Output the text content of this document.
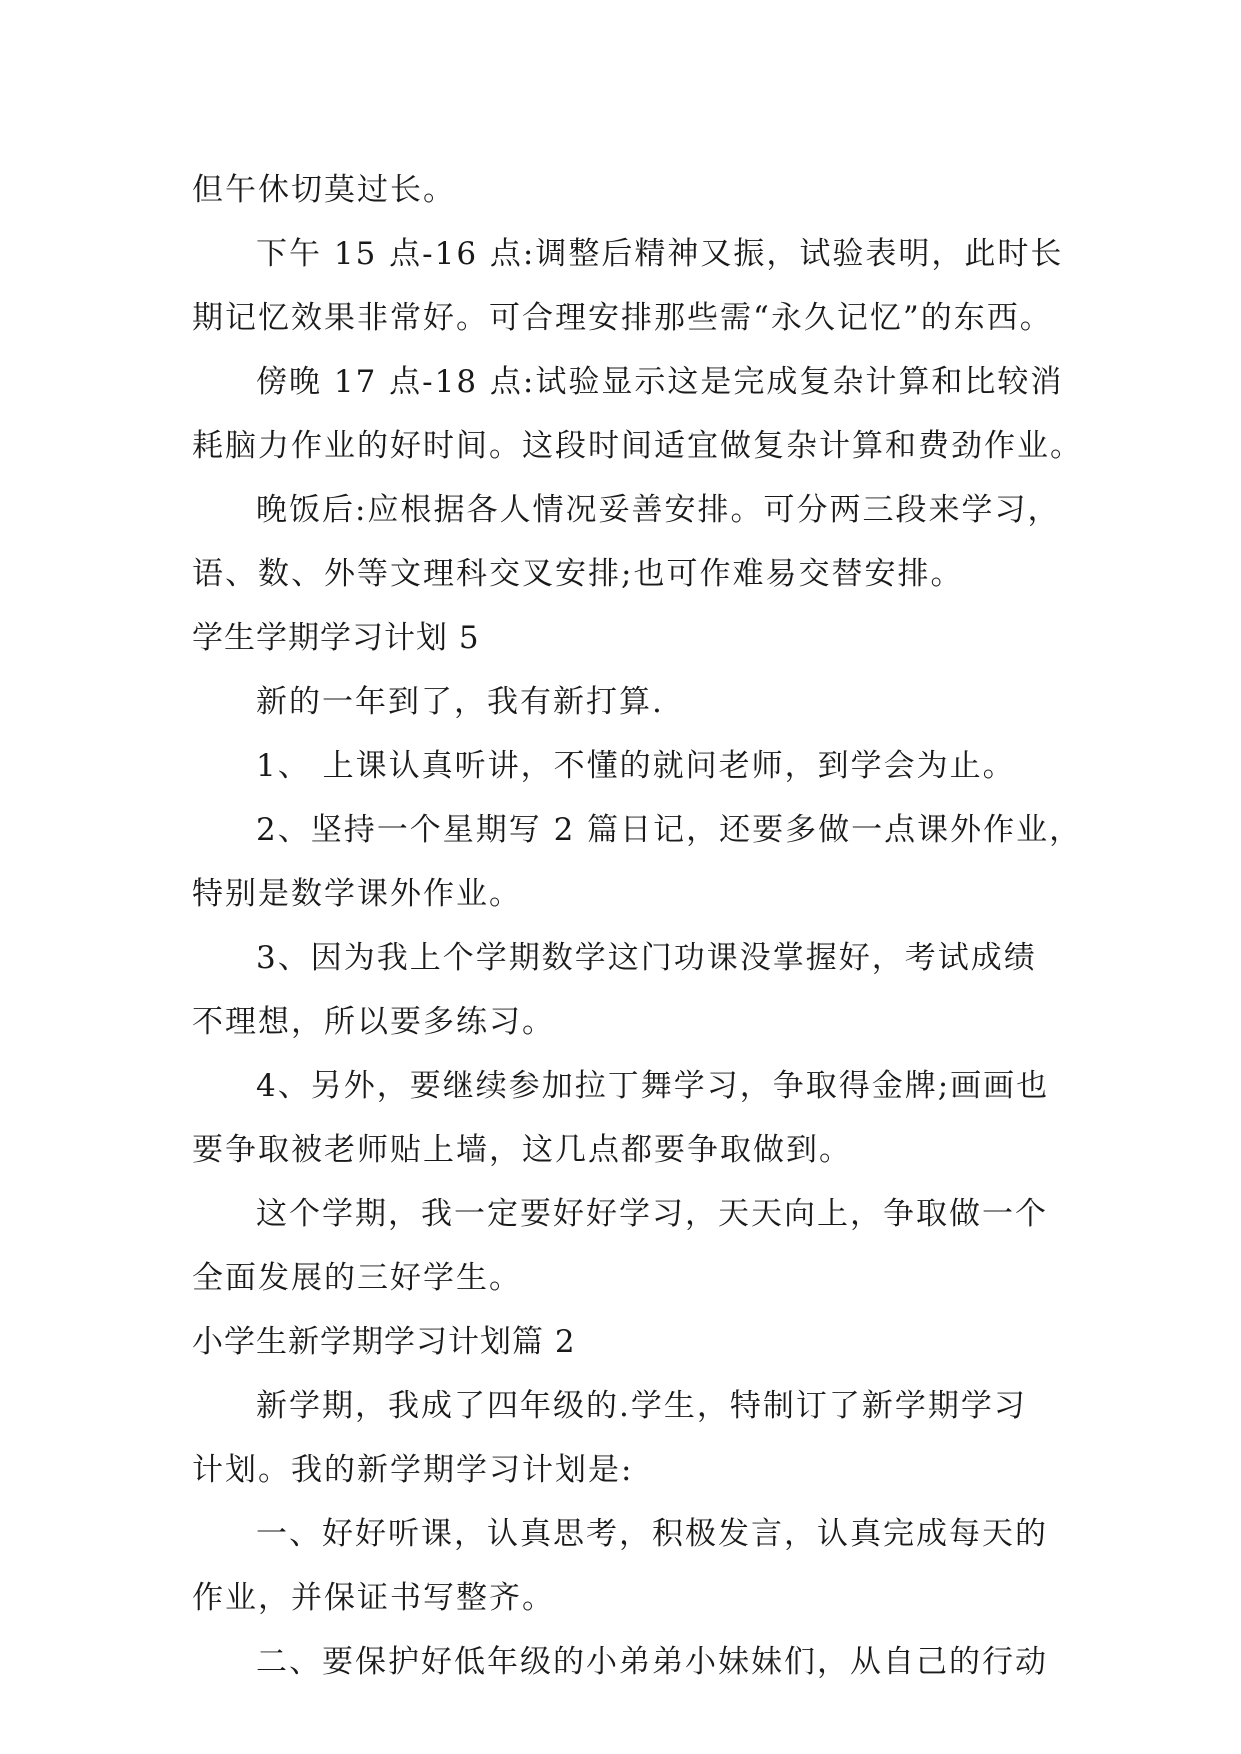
但午休切莫过长。
下午 15 点-16 点:调整后精神又振，试验表明，此时长
期记忆效果非常好。可合理安排那些需“永久记忆”的东西。
傍晚 17 点-18 点:试验显示这是完成复杂计算和比较消
耗脑力作业的好时间。这段时间适宜做复杂计算和费劲作业。
晚饭后:应根据各人情况妥善安排。可分两三段来学习，
语、数、外等文理科交叉安排;也可作难易交替安排。
学生学期学习计划 5
新的一年到了，我有新打算.
1、 上课认真听讲，不懂的就问老师，到学会为止。
2、坚持一个星期写 2 篇日记，还要多做一点课外作业，
特别是数学课外作业。
3、因为我上个学期数学这门功课没掌握好，考试成绩
不理想，所以要多练习。
4、另外，要继续参加拉丁舞学习，争取得金牌;画画也
要争取被老师贴上墙，这几点都要争取做到。
这个学期，我一定要好好学习，天天向上，争取做一个
全面发展的三好学生。
小学生新学期学习计划篇 2
新学期，我成了四年级的.学生，特制订了新学期学习
计划。我的新学期学习计划是:
一、好好听课，认真思考，积极发言，认真完成每天的
作业，并保证书写整齐。
二、要保护好低年级的小弟弟小妹妹们，从自己的行动
